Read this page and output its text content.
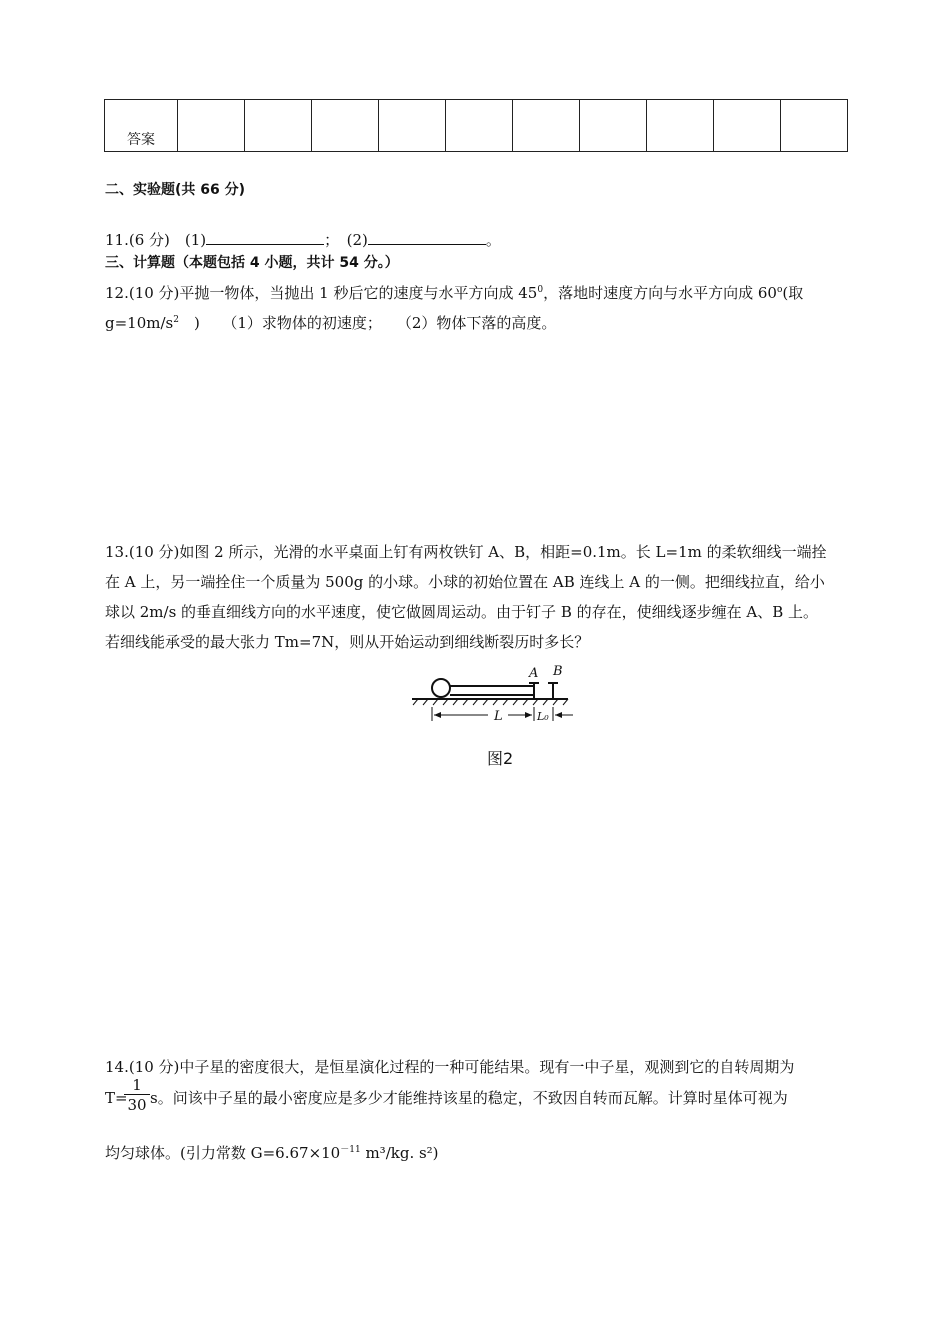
答案										
二、实验题(共 66 分)
11.(6 分)　(1)	；　(2)	。
三、计算题（本题包括 4 小题，共计 54 分。）
12.(10 分)平抛一物体，当抛出 1 秒后它的速度与水平方向成 $45^0$，落地时速度方向与水平方向成 60$^o$(取
$g=10m/s^2$　)　　（1）求物体的初速度；　　（2）物体下落的高度。
13.(10 分)如图 2 所示，光滑的水平桌面上钉有两枚铁钉 A、B，相距=0.1m。长 L=1m 的柔软细线一端拴
在 A 上，另一端拴住一个质量为 500g 的小球。小球的初始位置在 AB 连线上 A 的一侧。把细线拉直，给小
球以 2m/s 的垂直细线方向的水平速度，使它做圆周运动。由于钉子 B 的存在，使细线逐步缠在 A、B 上。
若细线能承受的最大张力 Tm=7N，则从开始运动到细线断裂历时多长？
A B
L	L₀
图2
14.(10 分)中子星的密度很大，是恒星演化过程的一种可能结果。现有一中子星，观测到它的自转周期为
T=
$\frac{1}{30}$ s。问该中子星的最小密度应是多少才能维持该星的稳定，不致因自转而瓦解。计算时星体可视为
均匀球体。(引力常数 $G=6.67\times 10^{-11}$ m³/kg. s²)
